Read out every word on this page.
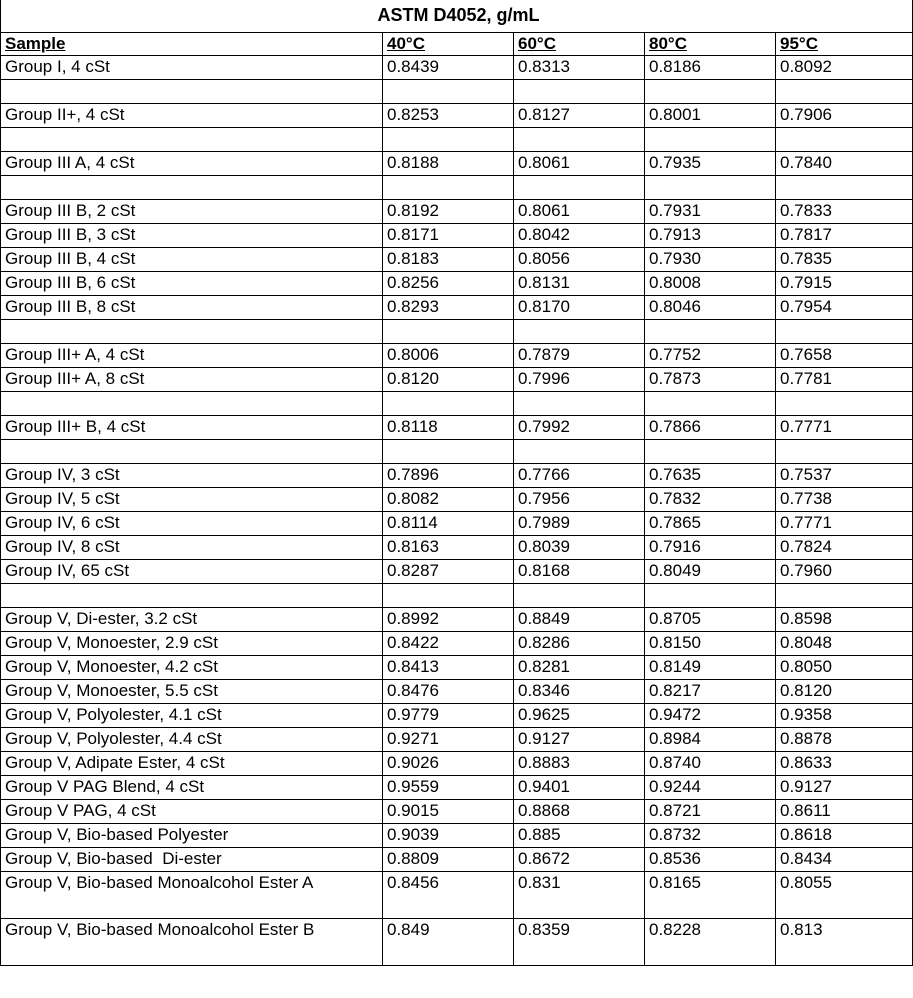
ASTM D4052, g/mL				
Sample	40°C	60°C	80°C	95°C
Group I, 4 cSt	0.8439	0.8313	0.8186	0.8092

Group II+, 4 cSt	0.8253	0.8127	0.8001	0.7906

Group III A, 4 cSt	0.8188	0.8061	0.7935	0.7840

Group III B, 2 cSt	0.8192	0.8061	0.7931	0.7833
Group III B, 3 cSt	0.8171	0.8042	0.7913	0.7817
Group III B, 4 cSt	0.8183	0.8056	0.7930	0.7835
Group III B, 6 cSt	0.8256	0.8131	0.8008	0.7915
Group III B, 8 cSt	0.8293	0.8170	0.8046	0.7954

Group III+ A, 4 cSt	0.8006	0.7879	0.7752	0.7658
Group III+ A, 8 cSt	0.8120	0.7996	0.7873	0.7781

Group III+ B, 4 cSt	0.8118	0.7992	0.7866	0.7771

Group IV, 3 cSt	0.7896	0.7766	0.7635	0.7537
Group IV, 5 cSt	0.8082	0.7956	0.7832	0.7738
Group IV, 6 cSt	0.8114	0.7989	0.7865	0.7771
Group IV, 8 cSt	0.8163	0.8039	0.7916	0.7824
Group IV, 65 cSt	0.8287	0.8168	0.8049	0.7960

Group V, Di-ester, 3.2 cSt	0.8992	0.8849	0.8705	0.8598
Group V, Monoester, 2.9 cSt	0.8422	0.8286	0.8150	0.8048
Group V, Monoester, 4.2 cSt	0.8413	0.8281	0.8149	0.8050
Group V, Monoester, 5.5 cSt	0.8476	0.8346	0.8217	0.8120
Group V, Polyolester, 4.1 cSt	0.9779	0.9625	0.9472	0.9358
Group V, Polyolester, 4.4 cSt	0.9271	0.9127	0.8984	0.8878
Group V, Adipate Ester, 4 cSt	0.9026	0.8883	0.8740	0.8633
Group V PAG Blend, 4 cSt	0.9559	0.9401	0.9244	0.9127
Group V PAG, 4 cSt	0.9015	0.8868	0.8721	0.8611
Group V, Bio-based Polyester	0.9039	0.885	0.8732	0.8618
Group V, Bio-based  Di-ester	0.8809	0.8672	0.8536	0.8434
Group V, Bio-based Monoalcohol Ester A	0.8456	0.831	0.8165	0.8055
Group V, Bio-based Monoalcohol Ester B	0.849	0.8359	0.8228	0.813
